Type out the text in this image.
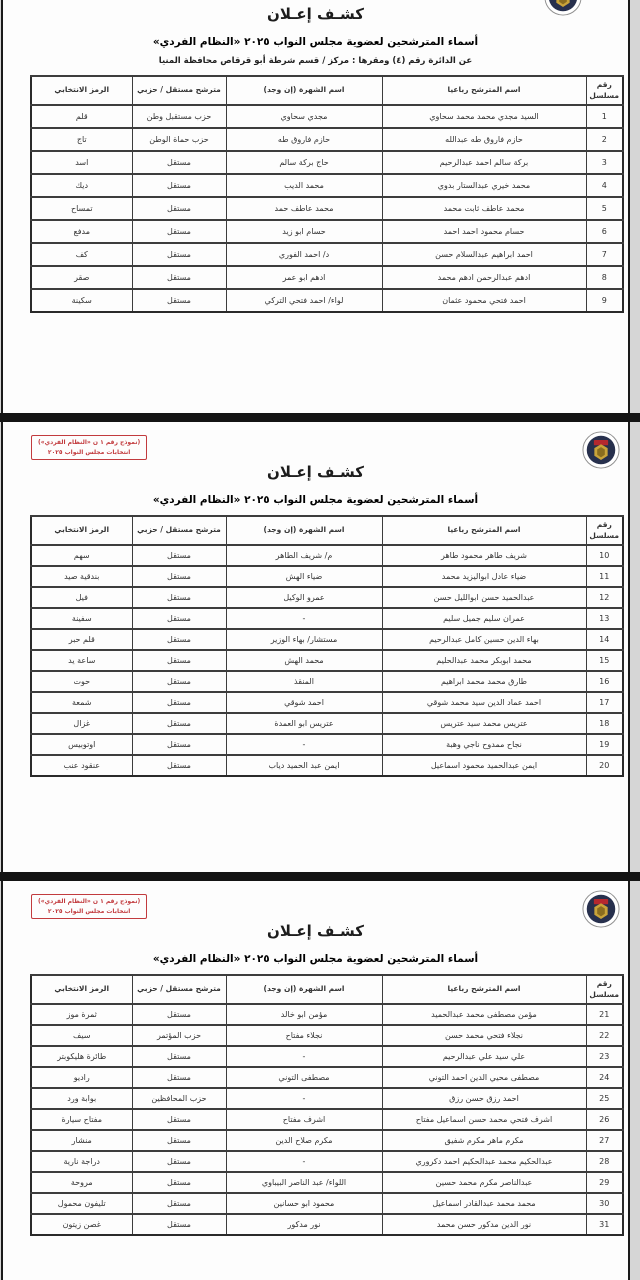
كشـف إعـلان
أسماء المترشحين لعضوية مجلس النواب ٢٠٢٥ «النظام الفردي»
عن الدائرة رقم (٤) ومقرها : مركز / قسم شرطة أبو قرقاص محافظة المنيا
رقم مسلسل	اسم المترشح رباعيا	اسم الشهرة (إن وجد)	مترشح مستقل / حزبي	الرمز الانتخابي
1	السيد مجدي محمد محمد سحاوي	مجدي سحاوي	حزب مستقبل وطن	قلم
2	حازم فاروق طه عبدالله	حازم فاروق طه	حزب حماة الوطن	تاج
3	بركة سالم احمد عبدالرحيم	حاج بركة سالم	مستقل	اسد
4	محمد خيري عبدالستار بدوي	محمد الديب	مستقل	ديك
5	محمد عاطف ثابت محمد	محمد عاطف حمد	مستقل	تمساح
6	حسام محمود احمد احمد	حسام ابو زيد	مستقل	مدفع
7	احمد ابراهيم عبدالسلام حسن	د/ احمد الفوري	مستقل	كف
8	ادهم عبدالرحمن ادهم محمد	ادهم ابو عمر	مستقل	صقر
9	احمد فتحي محمود عثمان	لواء/ احمد فتحي التركي	مستقل	سكينة
(نموذج رقم ١ ن «النظام الفردي»)
انتخابات مجلس النواب ٢٠٢٥
كشـف إعـلان
أسماء المترشحين لعضوية مجلس النواب ٢٠٢٥ «النظام الفردي»
رقم مسلسل	اسم المترشح رباعيا	اسم الشهرة (إن وجد)	مترشح مستقل / حزبي	الرمز الانتخابي
10	شريف طاهر محمود طاهر	م/ شريف الطاهر	مستقل	سهم
11	ضياء عادل ابواليزيد محمد	ضياء الهش	مستقل	بندقية صيد
12	عبدالحميد حسن ابوالليل حسن	عمرو الوكيل	مستقل	فيل
13	عمران سليم جميل سليم	-	مستقل	سفينة
14	بهاء الدين حسين كامل عبدالرحيم	مستشار/ بهاء الوزير	مستقل	قلم حبر
15	محمد ابوبكر محمد عبدالحليم	محمد الهش	مستقل	ساعة يد
16	طارق محمد محمد ابراهيم	المنقذ	مستقل	حوت
17	احمد عماد الدين سيد محمد شوقي	احمد شوقي	مستقل	شمعة
18	عتريس محمد سيد عتريس	عتريس ابو العمدة	مستقل	غزال
19	نجاح ممدوح ناجي وهبة	-	مستقل	اوتوبيس
20	ايمن عبدالحميد محمود اسماعيل	ايمن عبد الحميد دياب	مستقل	عنقود عنب
(نموذج رقم ١ ن «النظام الفردي»)
انتخابات مجلس النواب ٢٠٢٥
كشـف إعـلان
أسماء المترشحين لعضوية مجلس النواب ٢٠٢٥ «النظام الفردي»
رقم مسلسل	اسم المترشح رباعيا	اسم الشهرة (إن وجد)	مترشح مستقل / حزبي	الرمز الانتخابي
21	مؤمن مصطفى محمد عبدالحميد	مؤمن ابو خالد	مستقل	ثمرة موز
22	نجلاء فتحي محمد حسن	نجلاء مفتاح	حزب المؤتمر	سيف
23	علي سيد علي عبدالرحيم	-	مستقل	طائرة هليكوبتر
24	مصطفى محيي الدين احمد التوني	مصطفى التوني	مستقل	راديو
25	احمد رزق حسن رزق	-	حزب المحافظين	بوابة ورد
26	اشرف فتحي محمد حسن اسماعيل مفتاح	اشرف مفتاح	مستقل	مفتاح سيارة
27	مكرم ماهر مكرم شفيق	مكرم صلاح الدين	مستقل	منشار
28	عبدالحكيم محمد عبدالحكيم احمد دكروري	-	مستقل	دراجة نارية
29	عبدالناصر مكرم محمد حسين	اللواء/ عبد الناصر البيباوي	مستقل	مروحة
30	محمد محمد عبدالقادر اسماعيل	محمود ابو حسانين	مستقل	تليفون محمول
31	نور الدين مدكور حسن محمد	نور مدكور	مستقل	غصن زيتون
